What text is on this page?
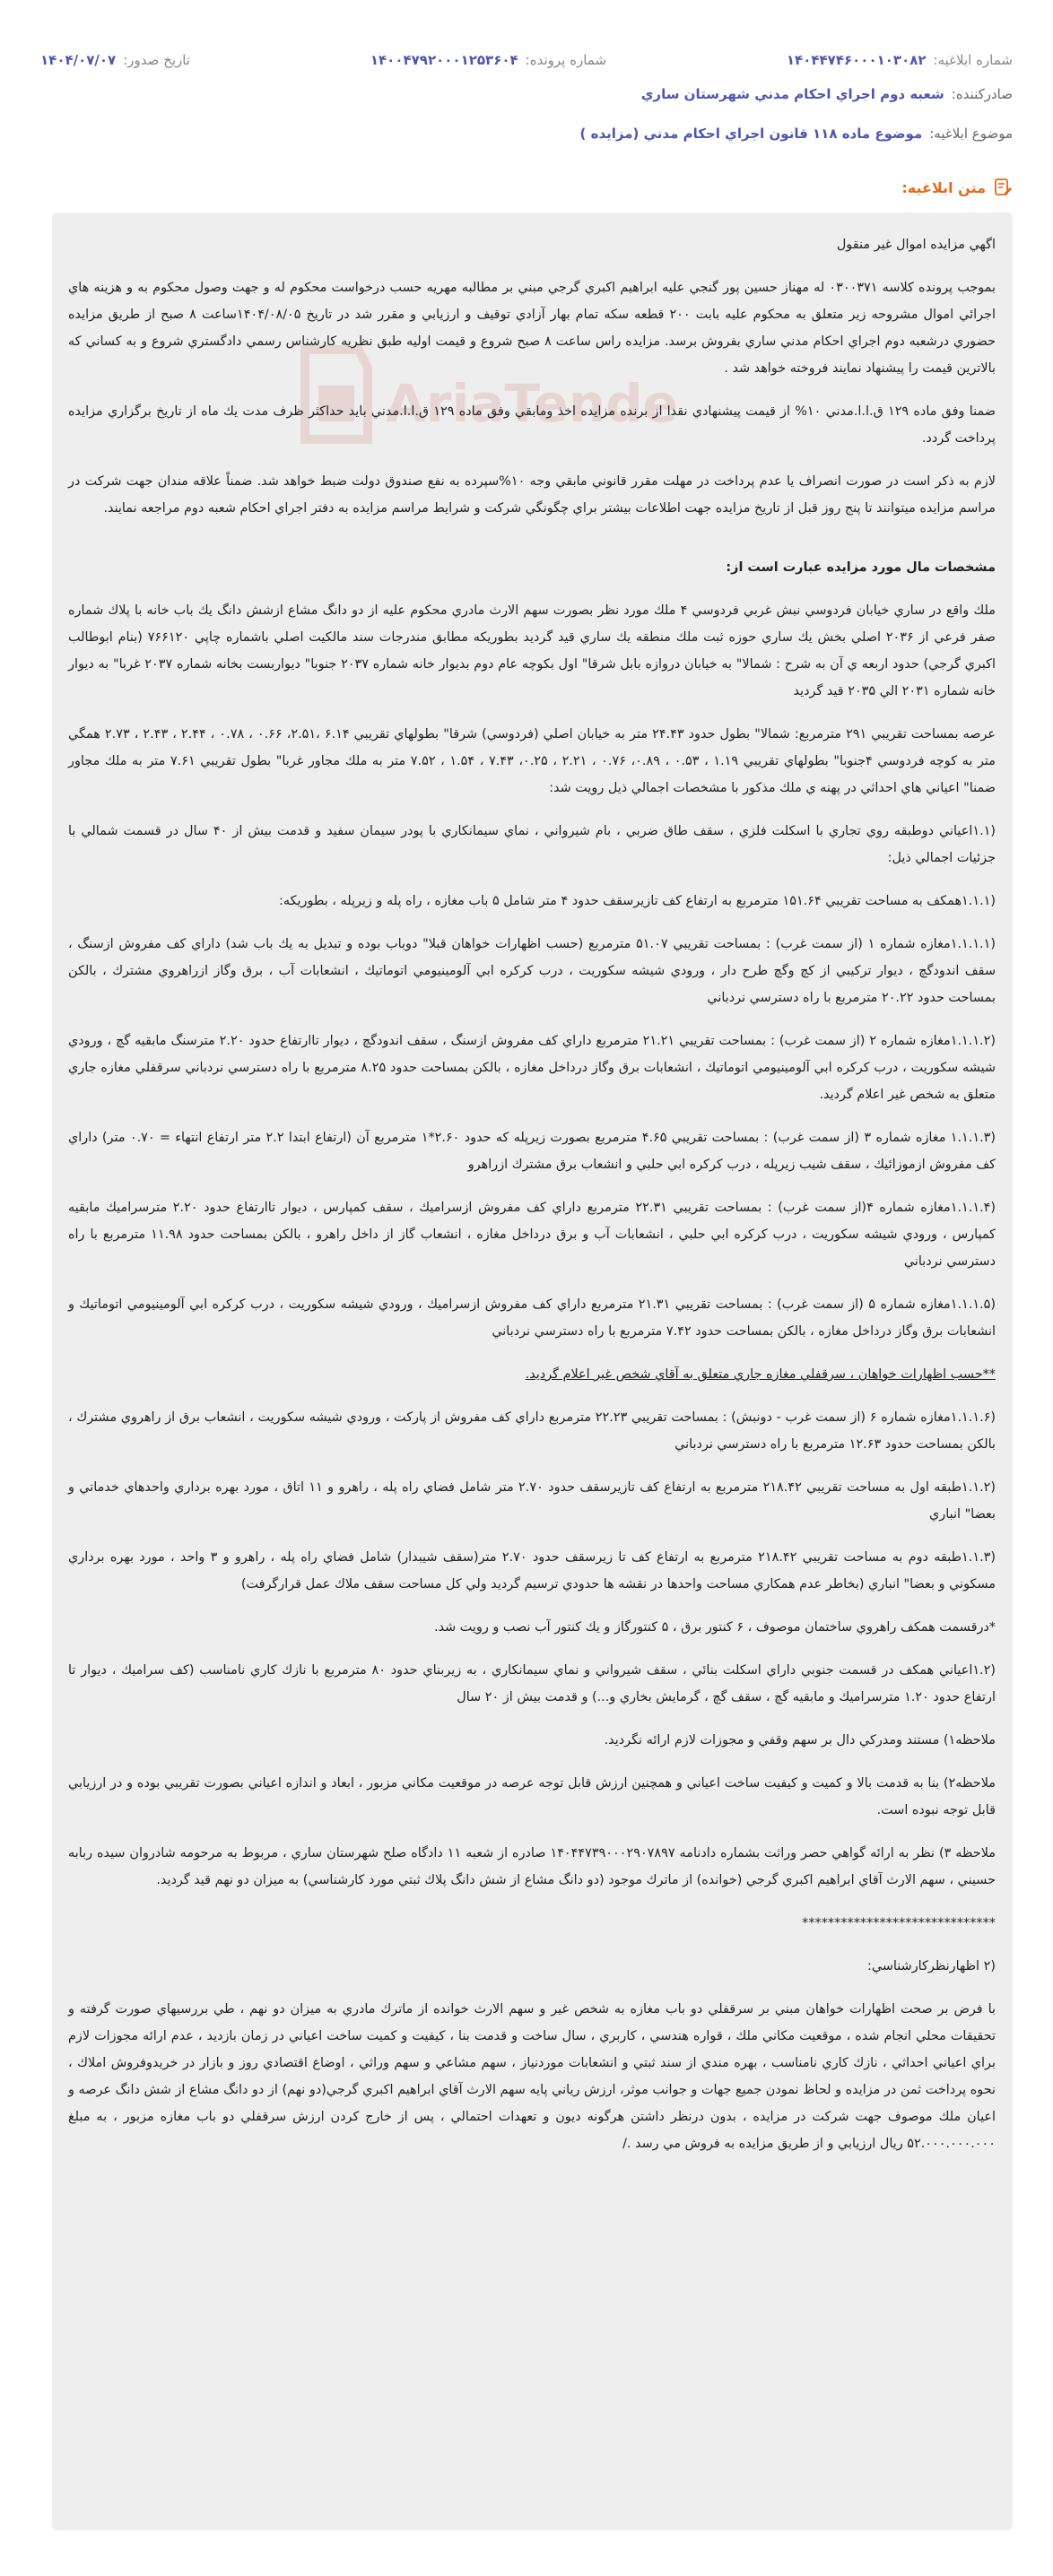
شماره ابلاغیه:
۱۴۰۴۴۷۴۶۰۰۰۱۰۳۰۸۲
شماره پرونده:
۱۴۰۰۴۷۹۲۰۰۰۱۲۵۳۶۰۴
تاریخ صدور:
۱۴۰۴/۰۷/۰۷
صادرکننده:
شعبه دوم اجراي احكام مدني شهرستان ساري
موضوع ابلاغیه:
موضوع ماده ۱۱۸ قانون اجراي احكام مدني (مزايده )
متن ابلاغیه:
AriaTende

اگهي مزايده اموال غير منقول

بموجب پرونده كلاسه ۰۳۰۰۳۷۱ له مهناز حسين پور گنجي عليه ابراهيم اكبري گرجي مبني بر مطالبه مهريه حسب درخواست محكوم له و جهت وصول محكوم به و هزينه هاي اجرائي اموال مشروحه زير متعلق به محكوم عليه بابت ۲۰۰ قطعه سكه تمام بهار آزادي توقيف و ارزيابي و مقرر شد در تاريخ ۱۴۰۴/۰۸/۰۵ساعت ۸ صبح از طريق مزايده حضوري درشعبه دوم اجراي احكام مدني ساري بفروش برسد. مزايده راس ساعت ۸ صبح شروع و قيمت اوليه طبق نظريه كارشناس رسمي دادگستري شروع و به كساني كه بالاترين قيمت را پيشنهاد نمايند فروخته خواهد شد .

ضمنا وفق ماده ۱۲۹ ق.ا.ا.مدني ۱۰% از قيمت پيشنهادي نقدا از برنده مزايده اخذ وما‌بقي وفق ماده ۱۲۹ ق.ا.ا.مدني بايد حداكثر ظرف مدت يك ماه از تاريخ برگزاري مزايده پرداخت گردد.

لازم به ذكر است در صورت انصراف يا عدم پرداخت در مهلت مقرر قانوني مابقي وجه ۱۰%سپرده به نفع صندوق دولت ضبط خواهد شد. ضمناً علاقه مندان جهت شركت در مراسم مزايده ميتوانند تا پنج روز قبل از تاريخ مزايده جهت اطلاعات بيشتر براي چگونگي شركت و شرايط مراسم مزايده به دفتر اجراي احكام شعبه دوم مراجعه نمايند.

مشخصات مال مورد مزايده عبارت است از:

ملك واقع در ساري خيابان فردوسي نبش غربي فردوسي ۴ ملك مورد نظر بصورت سهم الارث مادري محكوم عليه از دو دانگ مشاع ازشش دانگ يك باب خانه با پلاك شماره صفر فرعي از ۲۰۳۶ اصلي بخش يك ساري حوزه ثبت ملك منطقه يك ساري قيد گرديد بطوريكه مطابق مندرجات سند مالكيت اصلي باشماره چاپي ۷۶۶۱۲۰ (بنام ابوطالب اكبري گرجي) حدود اربعه ي آن به شرح : شمالا" به خيابان دروازه بابل شرقا" اول بكوچه عام دوم بديوار خانه شماره ۲۰۳۷ جنوبا" ديواربست بخانه شماره ۲۰۳۷ غربا" به ديوار خانه شماره ۲۰۳۱ الي ۲۰۳۵ قيد گرديد

عرصه بمساحت تقريبي ۲۹۱ مترمربع: شمالا" بطول حدود ۲۴.۴۳ متر به خيابان اصلي (فردوسي) شرقا" بطولهاي تقريبي ۶.۱۴ ،۲.۵۱، ۰.۶۶ ، ۰.۷۸ ، ۲.۴۴ ، ۲.۴۳ ، ۲.۷۳ همگي متر به كوچه فردوسي ۴جنوبا" بطولهاي تقريبي ۱.۱۹ ، ۰.۵۳ ، ۰.۸۹، ۰.۷۶ ، ۲.۲۱ ، ۰.۲۵، ۷.۴۳ ، ۱.۵۴ ، ۷.۵۲ متر به ملك مجاور غربا" بطول تقريبي ۷.۶۱ متر به ملك مجاور ضمنا" اعياني هاي احداثي در پهنه ي ملك مذكور با مشخصات اجمالي ذيل رويت شد:

(۱.۱اعياني دوطبقه روي تجاري با اسكلت فلزي ، سقف طاق ضربي ، بام شيرواني ، نماي سيمانكاري با پودر سيمان سفيد و قدمت بيش از ۴۰ سال در قسمت شمالي با جزئيات اجمالي ذيل:

(۱.۱.۱همكف به مساحت تقريبي ۱۵۱.۶۴ مترمربع به ارتفاع كف تازيرسقف حدود ۴ متر شامل ۵ باب مغازه ، راه پله و زيرپله ، بطوريكه:

(۱.۱.۱.۱مغازه شماره ۱ (از سمت غرب) : بمساحت تقريبي ۵۱.۰۷ مترمربع (حسب اظهارات خواهان قبلا" دوباب بوده و تبديل به يك باب شد) داراي كف مفروش ازسنگ ، سقف اندودگچ ، ديوار تركيبي از كچ وگچ طرح دار ، ورودي شيشه سكوريت ، درب كركره ابي آلومينيومي اتوماتيك ، انشعابات آب ، برق وگاز ازراهروي مشترك ، بالكن بمساحت حدود ۲۰.۲۲ مترمربع با راه دسترسي نردباني

(۱.۱.۱.۲مغازه شماره ۲ (از سمت غرب) : بمساحت تقريبي ۲۱.۲۱ مترمربع داراي كف مفروش ازسنگ ، سقف اندودگچ ، ديوار تاارتفاع حدود ۲.۲۰ مترسنگ مابقيه گچ ، ورودي شيشه سكوريت ، درب كركره ابي آلومينيومي اتوماتيك ، انشعابات برق وگاز درداخل مغازه ، بالكن بمساحت حدود ۸.۲۵ مترمربع با راه دسترسي نردباني سرقفلي مغازه جاري متعلق به شخص غير اعلام گرديد.

(۱.۱.۱.۳ مغازه شماره ۳ (از سمت غرب) : بمساحت تقريبي ۴.۶۵ مترمربع بصورت زيرپله كه حدود ۲.۶۰*۱ مترمربع آن (ارتفاع ابتدا ۲.۲ متر ارتفاع انتهاء = ۰.۷۰ متر) داراي كف مفروش ازموزائيك ، سقف شيب زيرپله ، درب كركره ابي حلبي و انشعاب برق مشترك ازراهرو

(۱.۱.۱.۴مغازه شماره ۴(از سمت غرب) : بمساحت تقريبي ۲۲.۳۱ مترمربع داراي كف مفروش ازسراميك ، سقف كمپارس ، ديوار تاارتفاع حدود ۲.۲۰ مترسراميك مابقيه كمپارس ، ورودي شيشه سكوريت ، درب كركره ابي حلبي ، انشعابات آب و برق درداخل مغازه ، انشعاب گاز از داخل راهرو ، بالكن بمساحت حدود ۱۱.۹۸ مترمربع با راه دسترسي نردباني

(۱.۱.۱.۵مغازه شماره ۵ (از سمت غرب) : بمساحت تقريبي ۲۱.۳۱ مترمربع داراي كف مفروش ازسراميك ، ورودي شيشه سكوريت ، درب كركره ابي آلومينيومي اتوماتيك و انشعابات برق وگاز درداخل مغازه ، بالكن بمساحت حدود ۷.۴۲ مترمربع با راه دسترسي نردباني

**حسب اظهارات خواهان ، سرقفلي مغازه جاري متعلق به آقاي شخص غير اعلام گرديد.

(۱.۱.۱.۶مغازه شماره ۶ (از سمت غرب - دونبش) : بمساحت تقريبي ۲۲.۲۳ مترمربع داراي كف مفروش از پاركت ، ورودي شيشه سكوريت ، انشعاب برق از راهروي مشترك ، بالكن بمساحت حدود ۱۲.۶۳ مترمربع با راه دسترسي نردباني

(۱.۱.۲طبقه اول به مساحت تقريبي ۲۱۸.۴۲ مترمربع به ارتفاع كف تازيرسقف حدود ۲.۷۰ متر شامل فضاي راه پله ، راهرو و ۱۱ اتاق ، مورد بهره برداري واحدهاي خدماتي و بعضا" انباري

(۱.۱.۳طبقه دوم به مساحت تقريبي ۲۱۸.۴۲ مترمربع به ارتفاع كف تا زيرسقف حدود ۲.۷۰ متر(سقف شيبدار) شامل فضاي راه پله ، راهرو و ۳ واحد ، مورد بهره برداري مسكوني و بعضا" انباري (بخاطر عدم همكاري مساحت واحدها در نقشه ها حدودي ترسيم گرديد ولي كل مساحت سقف ملاك عمل قرارگرفت)

*درقسمت همكف راهروي ساختمان موصوف ، ۶ كنتور برق ، ۵ كنتورگاز و يك كنتور آب نصب و رويت شد.

(۱.۲اعياني همكف در قسمت جنوبي داراي اسكلت بنائي ، سقف شيرواني و نماي سيمانكاري ، به زيربناي حدود ۸۰ مترمربع با نازك كاري نامناسب (كف سراميك ، ديوار تا ارتفاع حدود ۱.۲۰ مترسراميك و مابقيه گچ ، سقف گچ ، گرمايش بخاري و...) و قدمت بيش از ۲۰ سال

ملاحظه۱) مستند ومدركي دال بر سهم وقفي و مجوزات لازم ارائه نگرديد.

ملاحظه۲) بنا به قدمت بالا و كميت و كيفيت ساخت اعياني و همچنين ارزش قابل توجه عرصه در موقعيت مكاني مزبور ، ابعاد و اندازه اعياني بصورت تقريبي بوده و در ارزيابي قابل توجه نبوده است.

ملاحظه ۳) نظر به ارائه گواهي حصر وراثت بشماره دادنامه ۱۴۰۴۴۷۳۹۰۰۰۲۹۰۷۸۹۷ صادره از شعبه ۱۱ دادگاه صلح شهرستان ساري ، مربوط به مرحومه شادروان سيده ربابه حسيني ، سهم الارث آقاي ابراهيم اكبري گرجي (خوانده) از ماترك موجود (دو دانگ مشاع از شش دانگ پلاك ثبتي مورد كارشناسي) به ميزان دو نهم قيد گرديد.

******************************

(۲ اظهارنظركارشناسي:

با فرض بر صحت اظهارات خواهان مبني بر سرقفلي دو باب مغازه به شخص غير و سهم الارث خوانده از ماترك مادري به ميزان دو نهم ، طي بررسيهاي صورت گرفته و تحقيقات محلي انجام شده ، موقعيت مكاني ملك ، قواره هندسي ، كاربري ، سال ساخت و قدمت بنا ، كيفيت و كميت ساخت اعياني در زمان بازديد ، عدم ارائه مجوزات لازم براي اعياني احداثي ، نازك كاري نامناسب ، بهره مندي از سند ثبتي و انشعابات موردنياز ، سهم مشاعي و سهم وراثي ، اوضاع اقتصادي روز و بازار در خريدوفروش املاك ، نحوه پرداخت ثمن در مزايده و لحاظ نمودن جميع جهات و جوانب موثر، ارزش رياني پايه سهم الارث آقاي ابراهيم اكبري گرجي(دو نهم) از دو دانگ مشاع از شش دانگ عرصه و اعيان ملك موصوف جهت شركت در مزايده ، بدون درنظر داشتن هرگونه ديون و تعهدات احتمالي ، پس از خارج كردن ارزش سرقفلي دو باب مغازه مزبور ، به مبلغ ۵۲.۰۰۰.۰۰۰.۰۰۰ ريال ارزيابي و از طريق مزايده به فروش مي رسد ./
